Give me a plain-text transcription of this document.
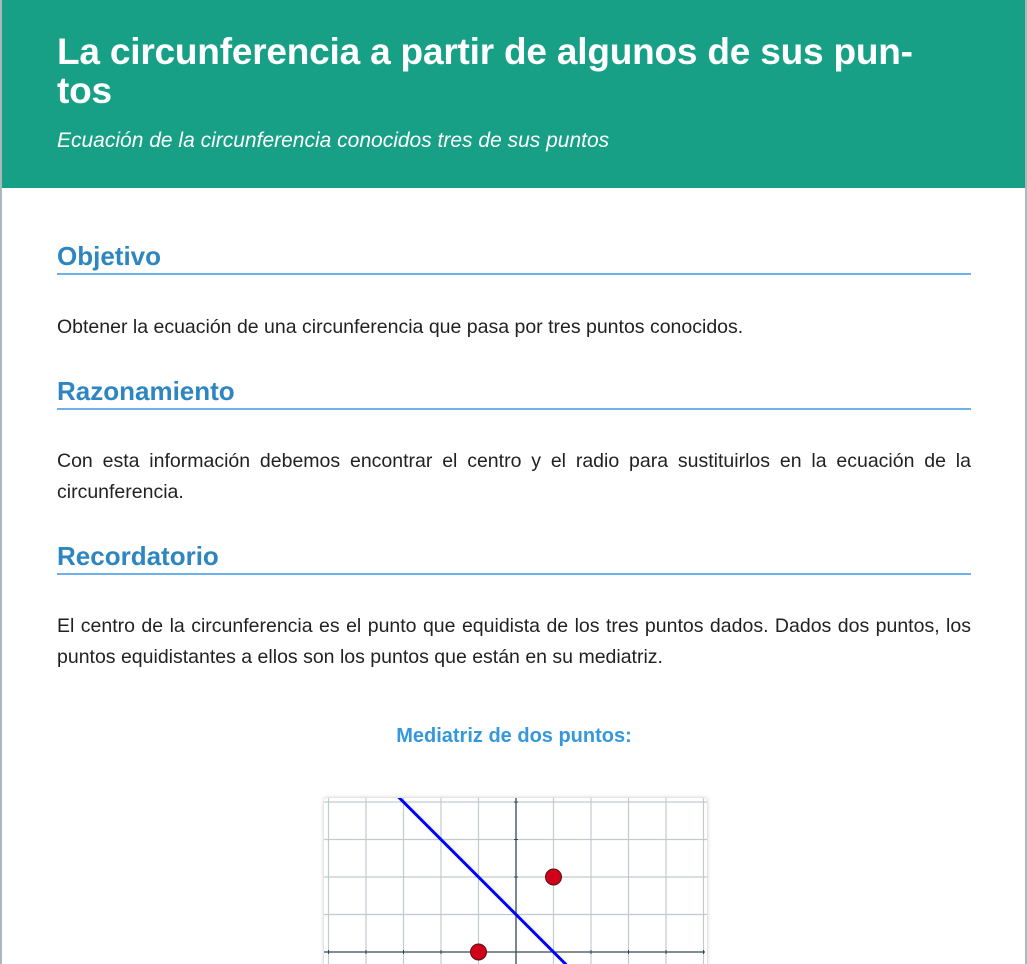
La circunferencia a partir de algunos de sus pun-
tos

Ecuación de la circunferencia conocidos tres de sus puntos

Objetivo

Obtener la ecuación de una circunferencia que pasa por tres puntos conocidos.

Razonamiento

Con esta información debemos encontrar el centro y el radio para sustituirlos en la ecuación de la circunferencia.

Recordatorio

El centro de la circunferencia es el punto que equidista de los tres puntos dados. Dados dos puntos, los puntos equidistantes a ellos son los puntos que están en su mediatriz.

Mediatriz de dos puntos:
